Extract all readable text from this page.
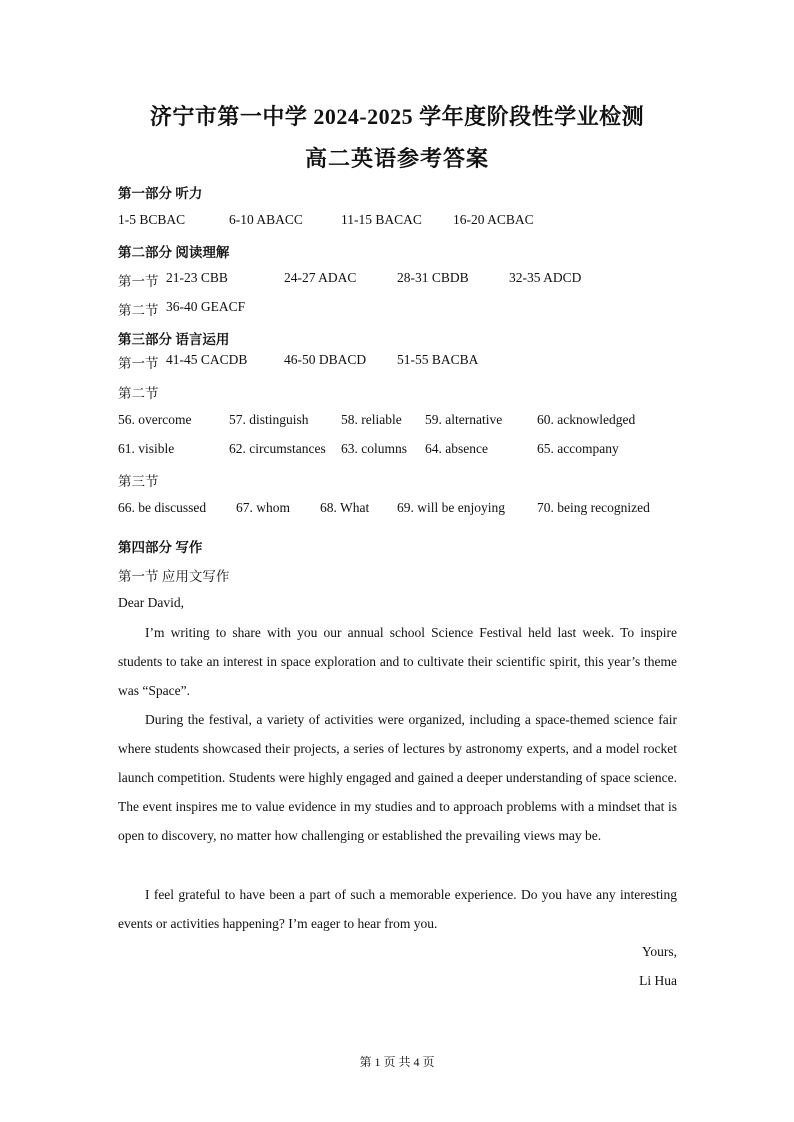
济宁市第一中学 2024-2025 学年度阶段性学业检测
高二英语参考答案
第一部分 听力
1-5 BCBAC	6-10 ABACC	11-15 BACAC 16-20 ACBAC
第二部分 阅读理解
第一节 21-23 CBB	24-27 ADAC	28-31 CBDB	32-35 ADCD
第二节 36-40 GEACF
第三部分 语言运用
第一节 41-45 CACDB	46-50 DBACD 51-55 BACBA
第二节
56. overcome	57. distinguish 58. reliable 59. alternative	60. acknowledged
61. visible	62. circumstances 63. columns 64. absence	65. accompany
第三节
66. be discussed 67. whom 68. What 69. will be enjoying 70. being recognized
第四部分 写作
第一节 应用文写作
Dear David,
I’m writing to share with you our annual school Science Festival held last week. To inspire students to take an interest in space exploration and to cultivate their scientific spirit, this year’s theme was “Space”.
During the festival, a variety of activities were organized, including a space-themed science fair where students showcased their projects, a series of lectures by astronomy experts, and a model rocket launch competition. Students were highly engaged and gained a deeper understanding of space science. The event inspires me to value evidence in my studies and to approach problems with a mindset that is open to discovery, no matter how challenging or established the prevailing views may be.
I feel grateful to have been a part of such a memorable experience. Do you have any interesting events or activities happening? I’m eager to hear from you.
Yours,
Li Hua
第 1 页 共 4 页
